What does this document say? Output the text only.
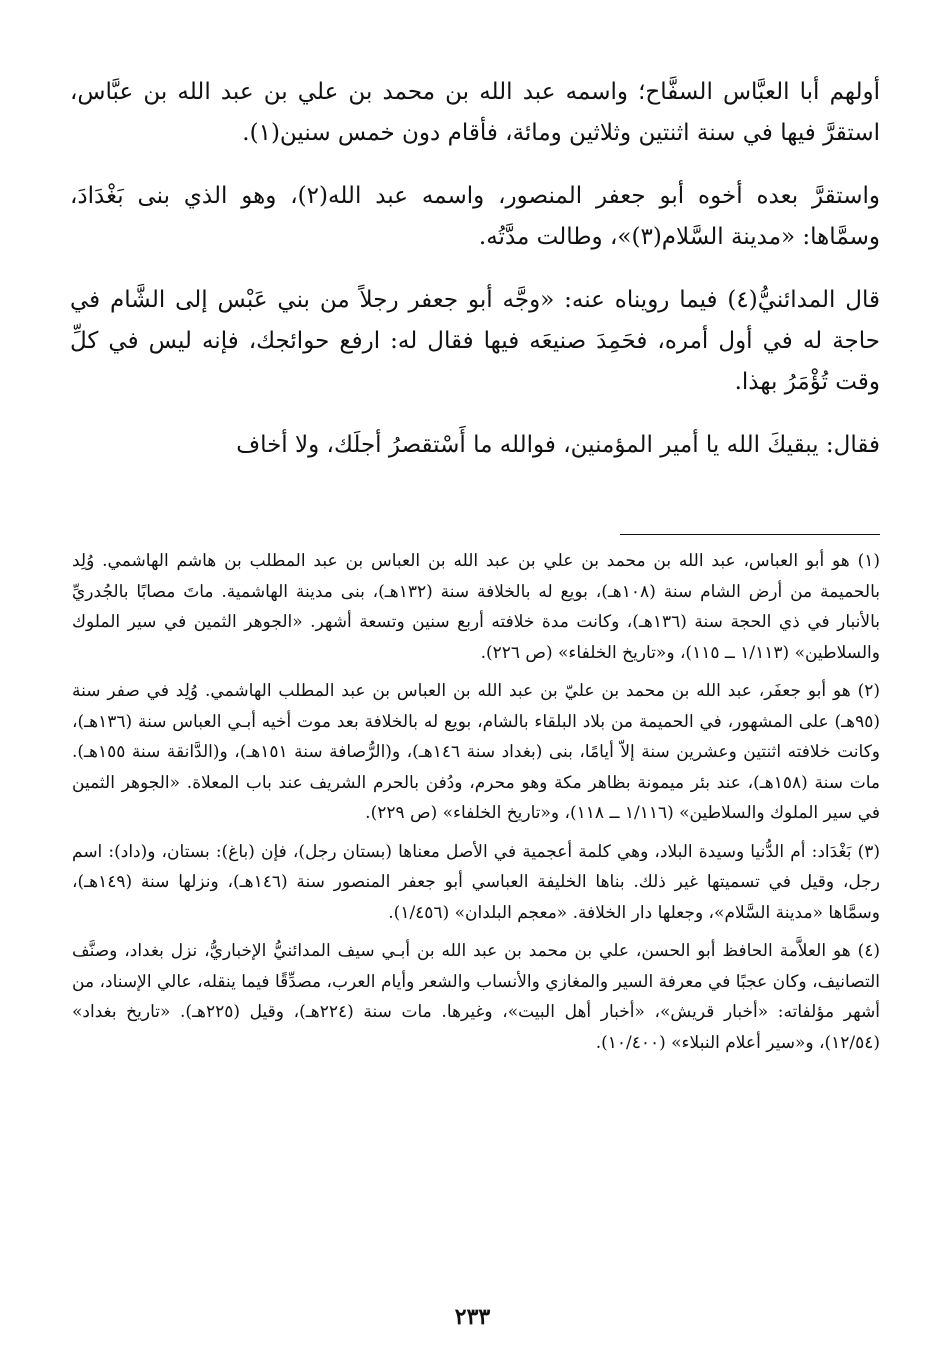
أولهم أبا العبَّاس السفَّاح؛ واسمه عبد الله بن محمد بن علي بن عبد الله بن عبَّاس، استقرَّ فيها في سنة اثنتين وثلاثين ومائة، فأقام دون خمس سنين(١).

واستقرَّ بعده أخوه أبو جعفر المنصور، واسمه عبد الله(٢)، وهو الذي بنى بَغْدَادَ، وسمَّاها: «مدينة السَّلام(٣)»، وطالت مدَّتُه.

قال المدائنيُّ(٤) فيما رويناه عنه: «وجَّه أبو جعفر رجلاً من بني عَبْس إلى الشَّام في حاجة له في أول أمره، فحَمِدَ صنيعَه فيها فقال له: ارفع حوائجك، فإنه ليس في كلِّ وقت تُؤْمَرُ بهذا.

فقال: يبقيكَ الله يا أمير المؤمنين، فوالله ما أَسْتقصرُ أجلَك، ولا أخاف

(١) هو أبو العباس، عبد الله بن محمد بن علي بن عبد الله بن العباس بن عبد المطلب بن هاشم الهاشمي. وُلِد بالحميمة من أرض الشام سنة (١٠٨هـ)، بويع له بالخلافة سنة (١٣٢هـ)، بنى مدينة الهاشمية. ماتَ مصابًا بالجُدريِّ بالأنبار في ذي الحجة سنة (١٣٦هـ)، وكانت مدة خلافته أربع سنين وتسعة أشهر. «الجوهر الثمين في سير الملوك والسلاطين» (١/١١٣ ــ ١١٥)، و«تاريخ الخلفاء» (ص ٢٢٦).

(٢) هو أبو جعفَر، عبد الله بن محمد بن عليّ بن عبد الله بن العباس بن عبد المطلب الهاشمي. وُلِد في صفر سنة (٩٥هـ) على المشهور، في الحميمة من بلاد البلقاء بالشام، بويع له بالخلافة بعد موت أخيه أبـي العباس سنة (١٣٦هـ)، وكانت خلافته اثنتين وعشرين سنة إلاّ أيامًا، بنى (بغداد سنة ١٤٦هـ)، و(الرُّصافة سنة ١٥١هـ)، و(الدَّانقة سنة ١٥٥هـ). مات سنة (١٥٨هـ)، عند بئر ميمونة بظاهر مكة وهو محرم، ودُفن بالحرم الشريف عند باب المعلاة. «الجوهر الثمين في سير الملوك والسلاطين» (١/١١٦ ــ ١١٨)، و«تاريخ الخلفاء» (ص ٢٢٩).

(٣) بَغْدَاد: أم الدُّنيا وسيدة البلاد، وهي كلمة أعجمية في الأصل معناها (بستان رجل)، فإن (باغ): بستان، و(داد): اسم رجل، وقيل في تسميتها غير ذلك. بناها الخليفة العباسي أبو جعفر المنصور سنة (١٤٦هـ)، ونزلها سنة (١٤٩هـ)، وسمَّاها «مدينة السَّلام»، وجعلها دار الخلافة. «معجم البلدان» (١/٤٥٦).

(٤) هو العلاَّمة الحافظ أبو الحسن، علي بن محمد بن عبد الله بن أبـي سيف المدائنيُّ الإخباريُّ، نزل بغداد، وصنَّف التصانيف، وكان عجبًا في معرفة السير والمغازي والأنساب والشعر وأيام العرب، مصدِّقًا فيما ينقله، عالي الإسناد، من أشهر مؤلفاته: «أخبار قريش»، «أخبار أهل البيت»، وغيرها. مات سنة (٢٢٤هـ)، وقيل (٢٢٥هـ). «تاريخ بغداد» (١٢/٥٤)، و«سير أعلام النبلاء» (١٠/٤٠٠).

٢٣٣
